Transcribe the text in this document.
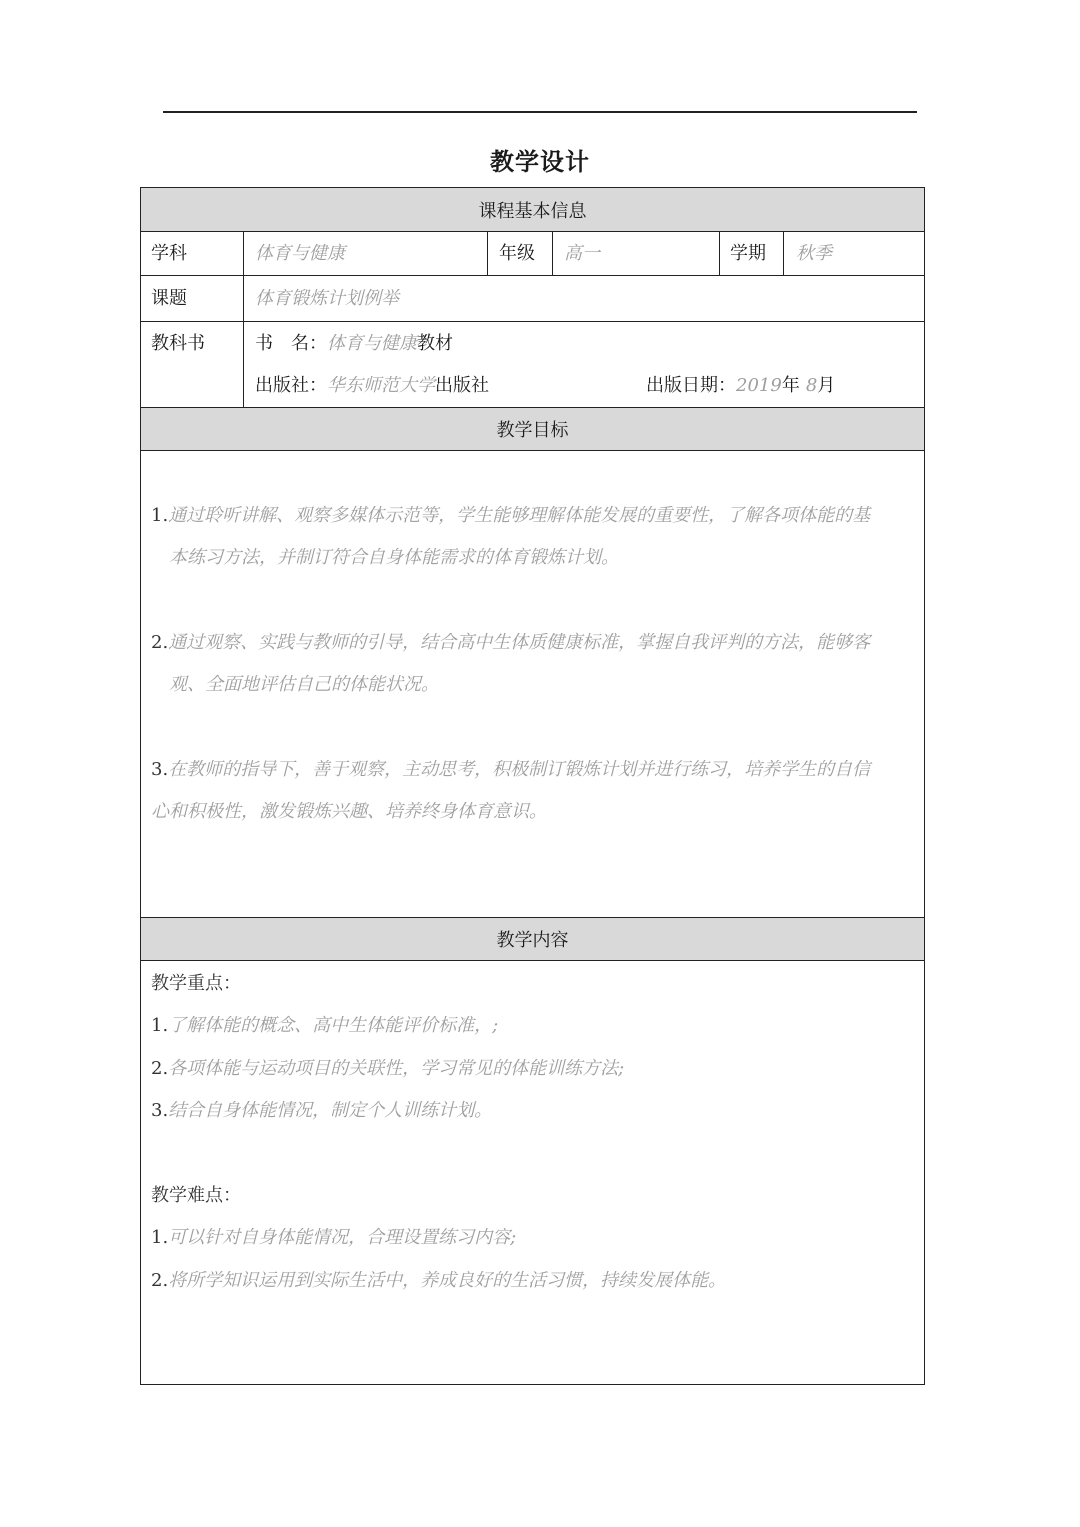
教学设计
课程基本信息
学科	体育与健康	年级 高一	学期 秋季
课题	体育锻炼计划例举
教科书	书　名：体育与健康教材
出版社：华东师范大学出版社	出版日期：2019年 8月
教学目标
1.通过聆听讲解、观察多媒体示范等，学生能够理解体能发展的重要性，了解各项体能的基
本练习方法，并制订符合自身体能需求的体育锻炼计划。
2.通过观察、实践与教师的引导，结合高中生体质健康标准，掌握自我评判的方法，能够客
观、全面地评估自己的体能状况。
3.在教师的指导下，善于观察，主动思考，积极制订锻炼计划并进行练习，培养学生的自信
心和积极性，激发锻炼兴趣、培养终身体育意识。
教学内容
教学重点：
1.了解体能的概念、高中生体能评价标准，;
2.各项体能与运动项目的关联性，学习常见的体能训练方法;
3.结合自身体能情况，制定个人训练计划。
教学难点：
1.可以针对自身体能情况，合理设置练习内容;
2.将所学知识运用到实际生活中，养成良好的生活习惯，持续发展体能。
